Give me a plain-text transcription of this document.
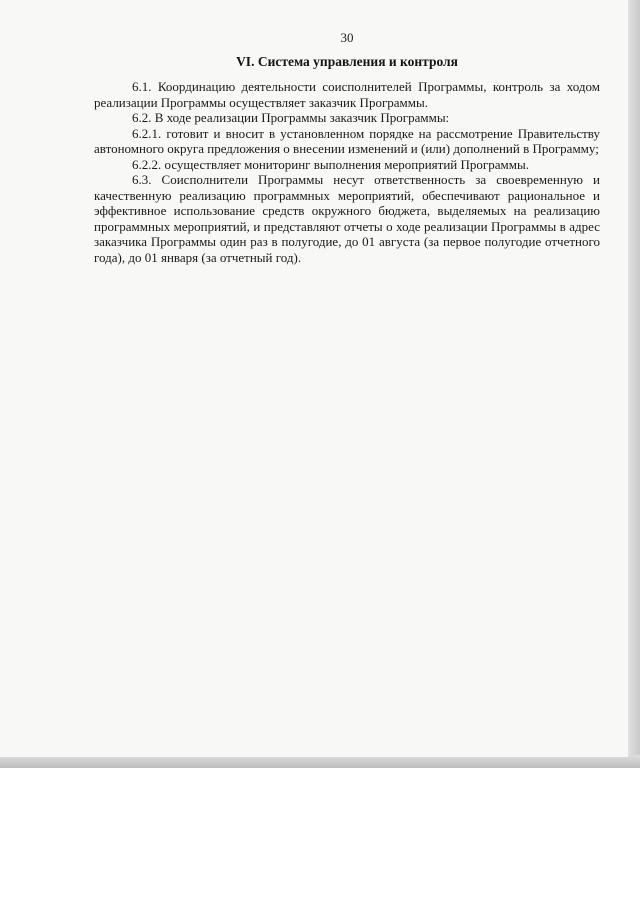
30
VI. Система управления и контроля

6.1. Координацию деятельности соисполнителей Программы, контроль за ходом реализации Программы осуществляет заказчик Программы.

6.2. В ходе реализации Программы заказчик Программы:

6.2.1. готовит и вносит в установленном порядке на рассмотрение Правительству автономного округа предложения о внесении изменений и (или) дополнений в Программу;

6.2.2. осуществляет мониторинг выполнения мероприятий Программы.

6.3. Соисполнители Программы несут ответственность за своевременную и качественную реализацию программных мероприятий, обеспечивают рациональное и эффективное использование средств окружного бюджета, выделяемых на реализацию программных мероприятий, и представляют отчеты о ходе реализации Программы в адрес заказчика Программы один раз в полугодие, до 01 августа (за первое полугодие отчетного года), до 01 января (за отчетный год).
